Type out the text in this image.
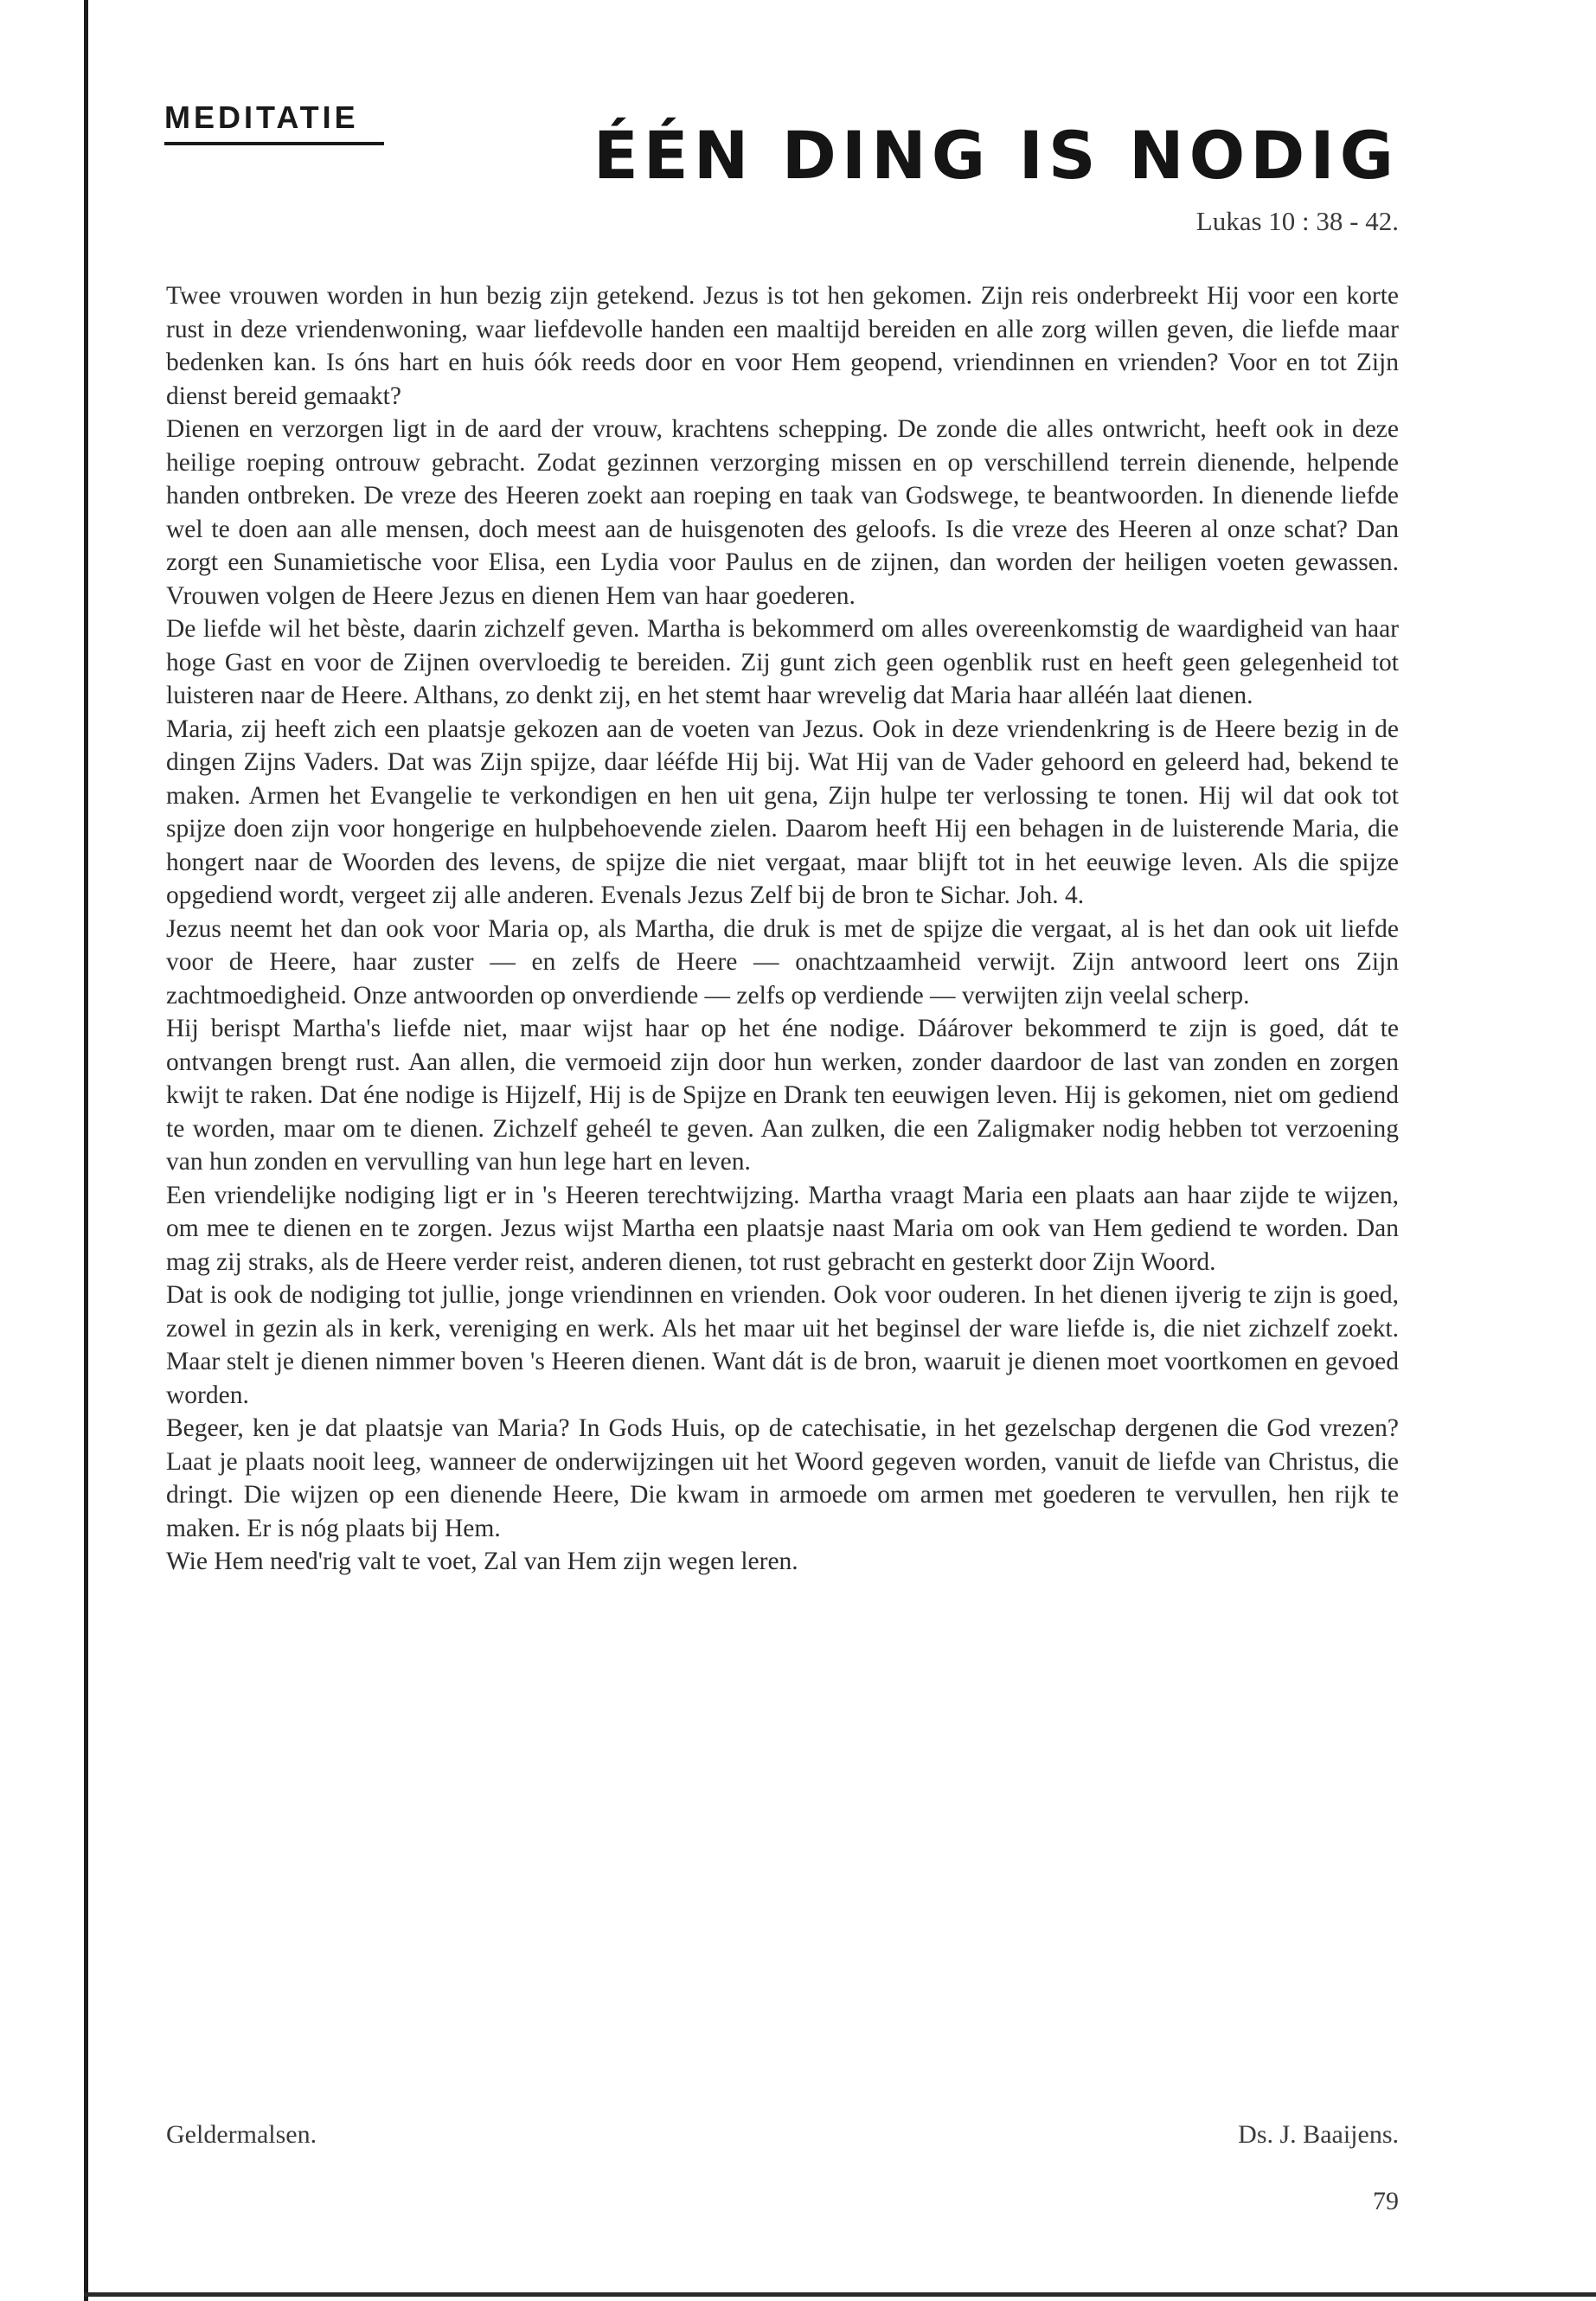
MEDITATIE	ÉÉN DING IS NODIG

Lukas 10 : 38 - 42.

Twee vrouwen worden in hun bezig zijn getekend. Jezus is tot hen gekomen. Zijn reis onderbreekt Hij voor een korte rust in deze vriendenwoning, waar liefdevolle handen een maaltijd bereiden en alle zorg willen geven, die liefde maar bedenken kan. Is óns hart en huis óók reeds door en voor Hem geopend, vriendinnen en vrienden? Voor en tot Zijn dienst bereid gemaakt?

Dienen en verzorgen ligt in de aard der vrouw, krachtens schepping. De zonde die alles ontwricht, heeft ook in deze heilige roeping ontrouw gebracht. Zodat gezinnen verzorging missen en op verschillend terrein dienende, helpende handen ontbreken. De vreze des Heeren zoekt aan roeping en taak van Godswege, te beantwoorden. In dienende liefde wel te doen aan alle mensen, doch meest aan de huisgenoten des geloofs. Is die vreze des Heeren al onze schat? Dan zorgt een Sunamietische voor Elisa, een Lydia voor Paulus en de zijnen, dan worden der heiligen voeten gewassen. Vrouwen volgen de Heere Jezus en dienen Hem van haar goederen.

De liefde wil het bèste, daarin zichzelf geven. Martha is bekommerd om alles overeenkomstig de waardigheid van haar hoge Gast en voor de Zijnen overvloedig te bereiden. Zij gunt zich geen ogenblik rust en heeft geen gelegenheid tot luisteren naar de Heere. Althans, zo denkt zij, en het stemt haar wrevelig dat Maria haar alléén laat dienen.

Maria, zij heeft zich een plaatsje gekozen aan de voeten van Jezus. Ook in deze vriendenkring is de Heere bezig in de dingen Zijns Vaders. Dat was Zijn spijze, daar lééfde Hij bij. Wat Hij van de Vader gehoord en geleerd had, bekend te maken. Armen het Evangelie te verkondigen en hen uit gena, Zijn hulpe ter verlossing te tonen. Hij wil dat ook tot spijze doen zijn voor hongerige en hulpbehoevende zielen. Daarom heeft Hij een behagen in de luisterende Maria, die hongert naar de Woorden des levens, de spijze die niet vergaat, maar blijft tot in het eeuwige leven. Als die spijze opgediend wordt, vergeet zij alle anderen. Evenals Jezus Zelf bij de bron te Sichar. Joh. 4.

Jezus neemt het dan ook voor Maria op, als Martha, die druk is met de spijze die vergaat, al is het dan ook uit liefde voor de Heere, haar zuster — en zelfs de Heere — onachtzaamheid verwijt. Zijn antwoord leert ons Zijn zachtmoedigheid. Onze antwoorden op onverdiende — zelfs op verdiende — verwijten zijn veelal scherp.

Hij berispt Martha's liefde niet, maar wijst haar op het éne nodige. Dáárover bekommerd te zijn is goed, dát te ontvangen brengt rust. Aan allen, die vermoeid zijn door hun werken, zonder daardoor de last van zonden en zorgen kwijt te raken. Dat éne nodige is Hijzelf, Hij is de Spijze en Drank ten eeuwigen leven. Hij is gekomen, niet om gediend te worden, maar om te dienen. Zichzelf geheél te geven. Aan zulken, die een Zaligmaker nodig hebben tot verzoening van hun zonden en vervulling van hun lege hart en leven.

Een vriendelijke nodiging ligt er in 's Heeren terechtwijzing. Martha vraagt Maria een plaats aan haar zijde te wijzen, om mee te dienen en te zorgen. Jezus wijst Martha een plaatsje naast Maria om ook van Hem gediend te worden. Dan mag zij straks, als de Heere verder reist, anderen dienen, tot rust gebracht en gesterkt door Zijn Woord.

Dat is ook de nodiging tot jullie, jonge vriendinnen en vrienden. Ook voor ouderen. In het dienen ijverig te zijn is goed, zowel in gezin als in kerk, vereniging en werk. Als het maar uit het beginsel der ware liefde is, die niet zichzelf zoekt. Maar stelt je dienen nimmer boven 's Heeren dienen. Want dát is de bron, waaruit je dienen moet voortkomen en gevoed worden.

Begeer, ken je dat plaatsje van Maria? In Gods Huis, op de catechisatie, in het gezelschap dergenen die God vrezen? Laat je plaats nooit leeg, wanneer de onderwijzingen uit het Woord gegeven worden, vanuit de liefde van Christus, die dringt. Die wijzen op een dienende Heere, Die kwam in armoede om armen met goederen te vervullen, hen rijk te maken. Er is nóg plaats bij Hem.

Wie Hem need'rig valt te voet, Zal van Hem zijn wegen leren.

Geldermalsen.	Ds. J. Baaijens.

79
